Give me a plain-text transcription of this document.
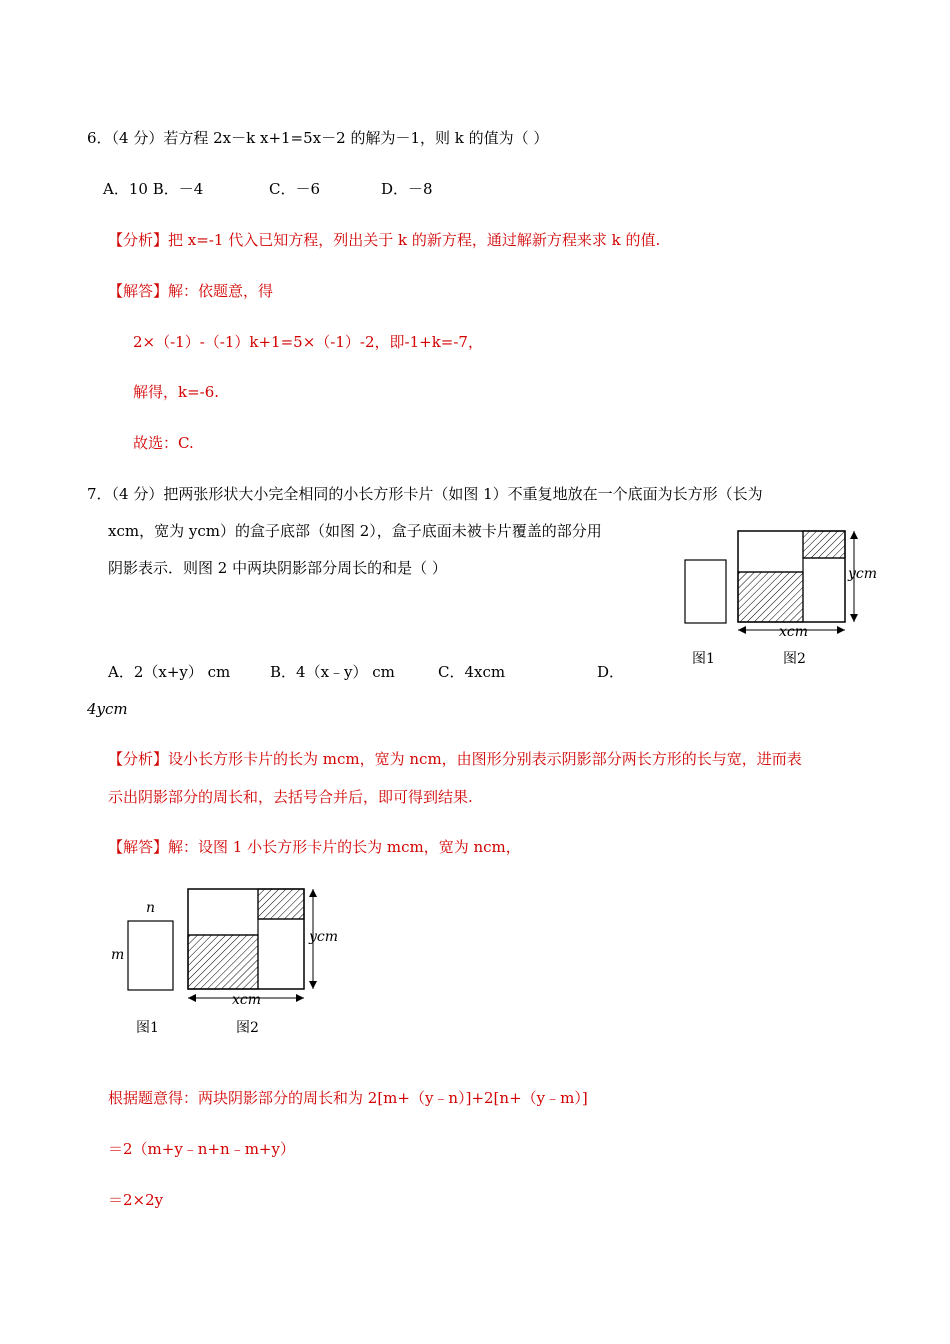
6．（4 分）若方程 2x－k x+1=5x－2 的解为－1，则 k 的值为（ ）
A．10 B．－4	C．－6	D．－8
【分析】把 x=-1 代入已知方程，列出关于 k 的新方程，通过解新方程来求 k 的值.
【解答】解：依题意，得
2×（-1）-（-1）k+1=5×（-1）-2，即-1+k=-7，
解得，k=-6.
故选：C.
7．（4 分）把两张形状大小完全相同的小长方形卡片（如图 1）不重复地放在一个底面为长方形（长为
xcm，宽为 ycm）的盒子底部（如图 2），盒子底面未被卡片覆盖的部分用
阴影表示．则图 2 中两块阴影部分周长的和是（ ）	ycm
xcm
图1	图2
A．2（x+y） cm	B．4（x﹣y） cm	C．4xcm	D．
4ycm
【分析】设小长方形卡片的长为 mcm，宽为 ncm，由图形分别表示阴影部分两长方形的长与宽，进而表
示出阴影部分的周长和，去括号合并后，即可得到结果.
【解答】解：设图 1 小长方形卡片的长为 mcm，宽为 ncm，
n
m
ycm
xcm
图1	图2
根据题意得：两块阴影部分的周长和为 2[m+（y﹣n）]+2[n+（y﹣m）]
＝2（m+y﹣n+n﹣m+y）
＝2×2y
